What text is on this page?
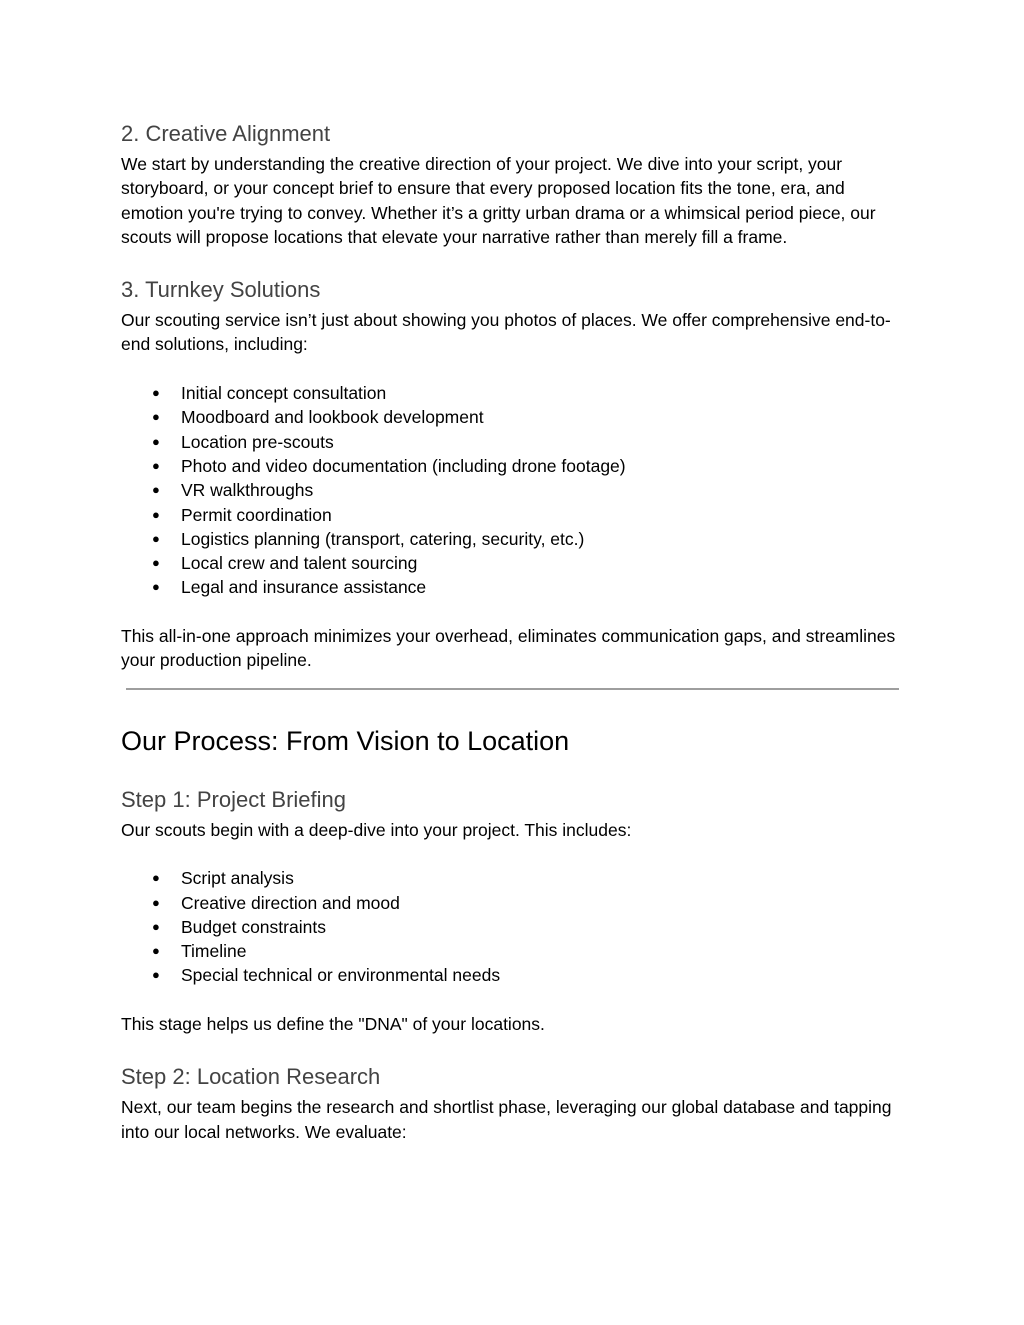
2. Creative Alignment

We start by understanding the creative direction of your project. We dive into your script, your storyboard, or your concept brief to ensure that every proposed location fits the tone, era, and emotion you're trying to convey. Whether it’s a gritty urban drama or a whimsical period piece, our scouts will propose locations that elevate your narrative rather than merely fill a frame.

3. Turnkey Solutions

Our scouting service isn’t just about showing you photos of places. We offer comprehensive end-to-end solutions, including:

● Initial concept consultation
● Moodboard and lookbook development
● Location pre-scouts
● Photo and video documentation (including drone footage)
● VR walkthroughs
● Permit coordination
● Logistics planning (transport, catering, security, etc.)
● Local crew and talent sourcing
● Legal and insurance assistance

This all-in-one approach minimizes your overhead, eliminates communication gaps, and streamlines your production pipeline.

Our Process: From Vision to Location
Step 1: Project Briefing

Our scouts begin with a deep-dive into your project. This includes:

● Script analysis
● Creative direction and mood
● Budget constraints
● Timeline
● Special technical or environmental needs

This stage helps us define the "DNA" of your locations.

Step 2: Location Research

Next, our team begins the research and shortlist phase, leveraging our global database and tapping into our local networks. We evaluate:
